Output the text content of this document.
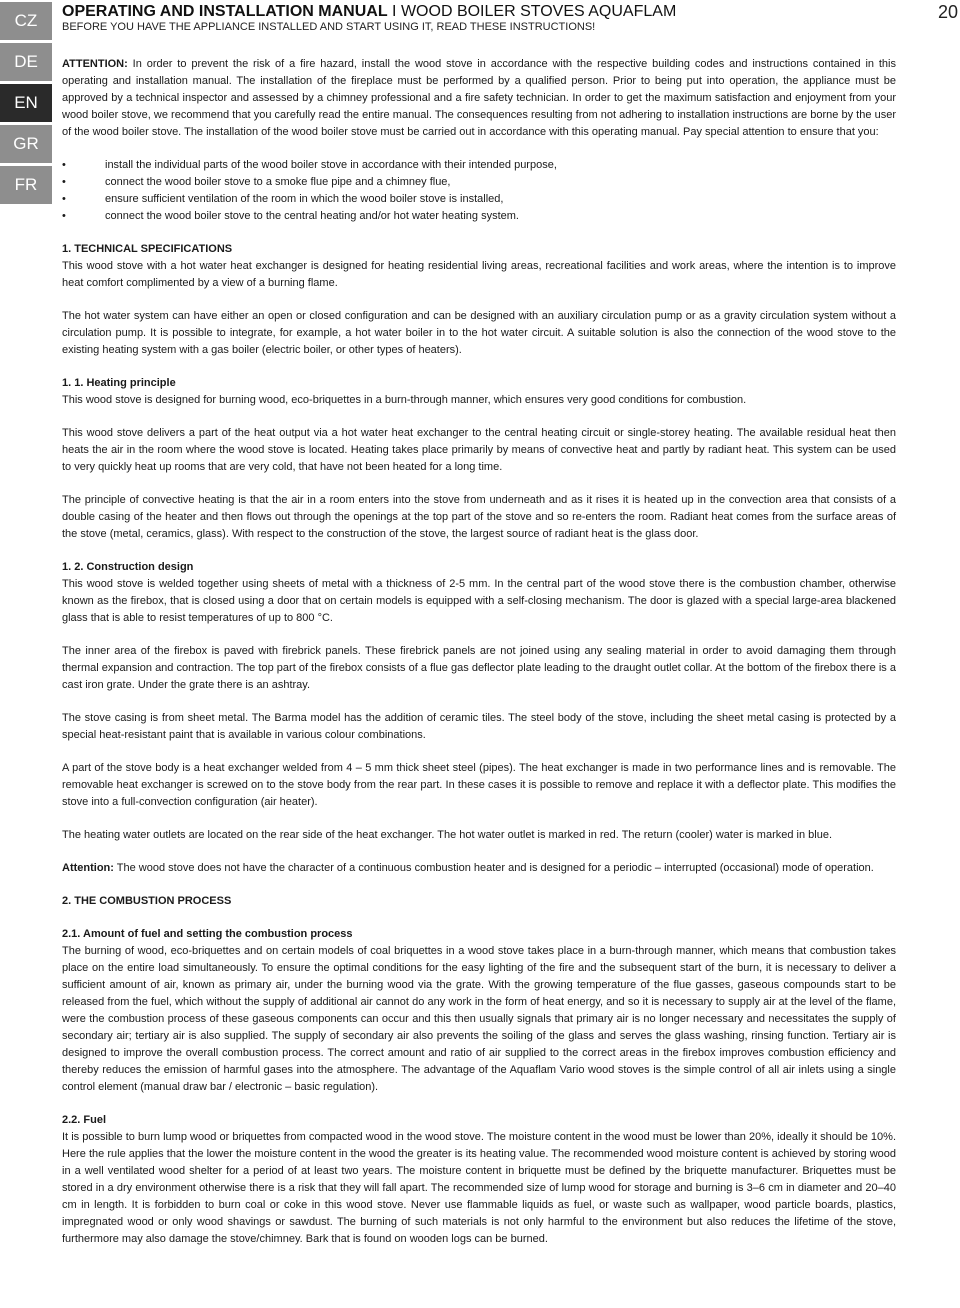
CZ
DE
EN
GR
FR
OPERATING AND INSTALLATION MANUAL I WOOD BOILER STOVES AQUAFLAM
BEFORE YOU HAVE THE APPLIANCE INSTALLED AND START USING IT, READ THESE INSTRUCTIONS!
20

ATTENTION: In order to prevent the risk of a fire hazard, install the wood stove in accordance with the respective building codes and instructions contained in this operating and installation manual. The installation of the fireplace must be performed by a qualified person. Prior to being put into operation, the appliance must be approved by a technical inspector and assessed by a chimney professional and a fire safety technician. In order to get the maximum satisfaction and enjoyment from your wood boiler stove, we recommend that you carefully read the entire manual. The consequences resulting from not adhering to installation instructions are borne by the user of the wood boiler stove. The installation of the wood boiler stove must be carried out in accordance with this operating manual. Pay special attention to ensure that you:

•	install the individual parts of the wood boiler stove in accordance with their intended purpose,
•	connect the wood boiler stove to a smoke flue pipe and a chimney flue,
•	ensure sufficient ventilation of the room in which the wood boiler stove is installed,
•	connect the wood boiler stove to the central heating and/or hot water heating system.
1. TECHNICAL SPECIFICATIONS

This wood stove with a hot water heat exchanger is designed for heating residential living areas, recreational facilities and work areas, where the intention is to improve heat comfort complimented by a view of a burning flame.

The hot water system can have either an open or closed configuration and can be designed with an auxiliary circulation pump or as a gravity circulation system without a circulation pump. It is possible to integrate, for example, a hot water boiler in to the hot water circuit. A suitable solution is also the connection of the wood stove to the existing heating system with a gas boiler (electric boiler, or other types of heaters).

1. 1. Heating principle

This wood stove is designed for burning wood, eco-briquettes in a burn-through manner, which ensures very good conditions for combustion.

This wood stove delivers a part of the heat output via a hot water heat exchanger to the central heating circuit or single-storey heating. The available residual heat then heats the air in the room where the wood stove is located. Heating takes place primarily by means of convective heat and partly by radiant heat. This system can be used to very quickly heat up rooms that are very cold, that have not been heated for a long time.

The principle of convective heating is that the air in a room enters into the stove from underneath and as it rises it is heated up in the convection area that consists of a double casing of the heater and then flows out through the openings at the top part of the stove and so re-enters the room. Radiant heat comes from the surface areas of the stove (metal, ceramics, glass). With respect to the construction of the stove, the largest source of radiant heat is the glass door.

1. 2. Construction design

This wood stove is welded together using sheets of metal with a thickness of 2-5 mm. In the central part of the wood stove there is the combustion chamber, otherwise known as the firebox, that is closed using a door that on certain models is equipped with a self-closing mechanism. The door is glazed with a special large-area blackened glass that is able to resist temperatures of up to 800 °C.

The inner area of the firebox is paved with firebrick panels. These firebrick panels are not joined using any sealing material in order to avoid damaging them through thermal expansion and contraction. The top part of the firebox consists of a flue gas deflector plate leading to the draught outlet collar. At the bottom of the firebox there is a cast iron grate. Under the grate there is an ashtray.

The stove casing is from sheet metal. The Barma model has the addition of ceramic tiles. The steel body of the stove, including the sheet metal casing is protected by a special heat-resistant paint that is available in various colour combinations.

A part of the stove body is a heat exchanger welded from 4 – 5 mm thick sheet steel (pipes). The heat exchanger is made in two performance lines and is removable. The removable heat exchanger is screwed on to the stove body from the rear part. In these cases it is possible to remove and replace it with a deflector plate. This modifies the stove into a full-convection configuration (air heater).

The heating water outlets are located on the rear side of the heat exchanger. The hot water outlet is marked in red. The return (cooler) water is marked in blue.

Attention: The wood stove does not have the character of a continuous combustion heater and is designed for a periodic – interrupted (occasional) mode of operation.

2. THE COMBUSTION PROCESS
2.1. Amount of fuel and setting the combustion process

The burning of wood, eco-briquettes and on certain models of coal briquettes in a wood stove takes place in a burn-through manner, which means that combustion takes place on the entire load simultaneously. To ensure the optimal conditions for the easy lighting of the fire and the subsequent start of the burn, it is necessary to deliver a sufficient amount of air, known as primary air, under the burning wood via the grate. With the growing temperature of the flue gasses, gaseous compounds start to be released from the fuel, which without the supply of additional air cannot do any work in the form of heat energy, and so it is necessary to supply air at the level of the flame, were the combustion process of these gaseous components can occur and this then usually signals that primary air is no longer necessary and necessitates the supply of secondary air; tertiary air is also supplied. The supply of secondary air also prevents the soiling of the glass and serves the glass washing, rinsing function. Tertiary air is designed to improve the overall combustion process. The correct amount and ratio of air supplied to the correct areas in the firebox improves combustion efficiency and thereby reduces the emission of harmful gases into the atmosphere. The advantage of the Aquaflam Vario wood stoves is the simple control of all air inlets using a single control element (manual draw bar / electronic – basic regulation).

2.2. Fuel

It is possible to burn lump wood or briquettes from compacted wood in the wood stove. The moisture content in the wood must be lower than 20%, ideally it should be 10%. Here the rule applies that the lower the moisture content in the wood the greater is its heating value. The recommended wood moisture content is achieved by storing wood in a well ventilated wood shelter for a period of at least two years. The moisture content in briquette must be defined by the briquette manufacturer. Briquettes must be stored in a dry environment otherwise there is a risk that they will fall apart. The recommended size of lump wood for storage and burning is 3–6 cm in diameter and 20–40 cm in length. It is forbidden to burn coal or coke in this wood stove. Never use flammable liquids as fuel, or waste such as wallpaper, wood particle boards, plastics, impregnated wood or only wood shavings or sawdust. The burning of such materials is not only harmful to the environment but also reduces the lifetime of the stove, furthermore may also damage the stove/chimney. Bark that is found on wooden logs can be burned.
